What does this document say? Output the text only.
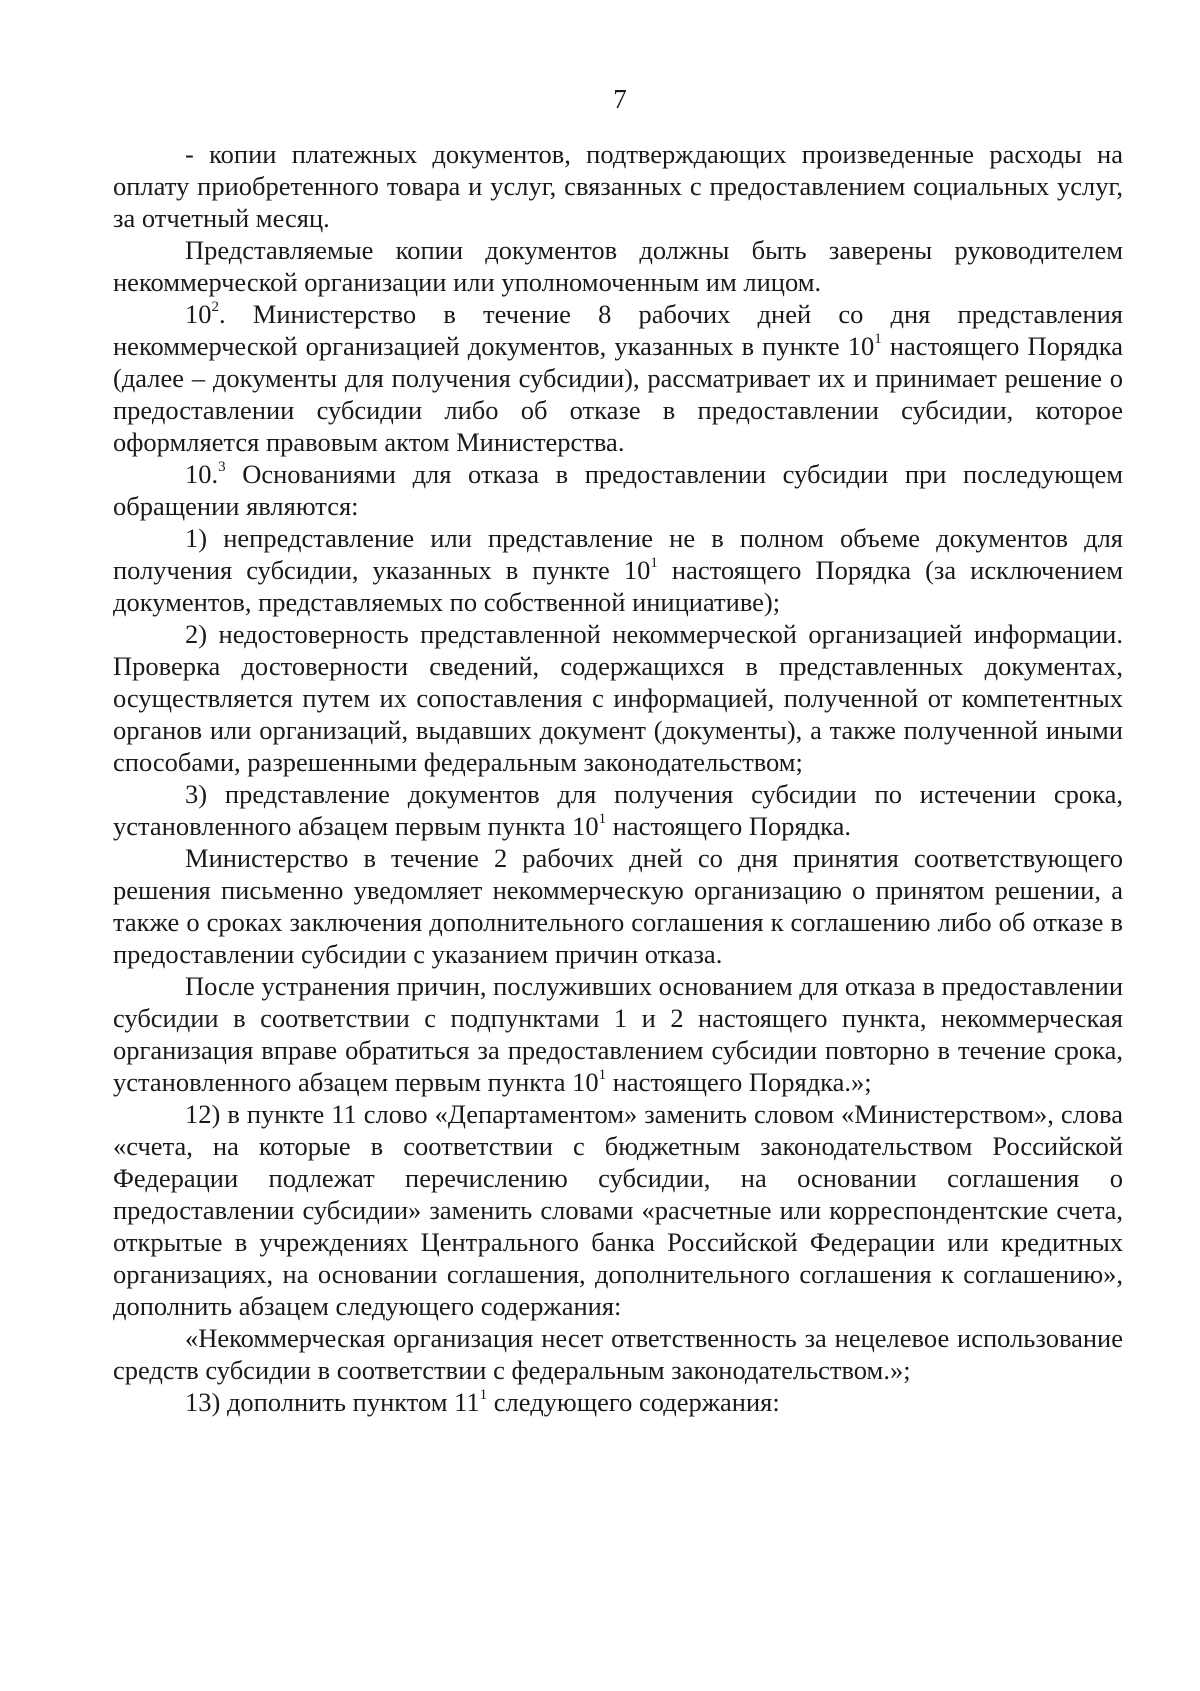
7

- копии платежных документов, подтверждающих произведенные расходы на оплату приобретенного товара и услуг, связанных с предоставлением социальных услуг, за отчетный месяц.

Представляемые копии документов должны быть заверены руководителем некоммерческой организации или уполномоченным им лицом.

$10^2$. Министерство в течение 8 рабочих дней со дня представления некоммерческой организацией документов, указанных в пункте $10^1$ настоящего Порядка (далее – документы для получения субсидии), рассматривает их и принимает решение о предоставлении субсидии либо об отказе в предоставлении субсидии, которое оформляется правовым актом Министерства.

10.$^3$ Основаниями для отказа в предоставлении субсидии при последующем обращении являются:

1) непредставление или представление не в полном объеме документов для получения субсидии, указанных в пункте $10^1$ настоящего Порядка (за исключением документов, представляемых по собственной инициативе);

2) недостоверность представленной некоммерческой организацией информации. Проверка достоверности сведений, содержащихся в представленных документах, осуществляется путем их сопоставления с информацией, полученной от компетентных органов или организаций, выдавших документ (документы), а также полученной иными способами, разрешенными федеральным законодательством;

3) представление документов для получения субсидии по истечении срока, установленного абзацем первым пункта $10^1$ настоящего Порядка.

Министерство в течение 2 рабочих дней со дня принятия соответствующего решения письменно уведомляет некоммерческую организацию о принятом решении, а также о сроках заключения дополнительного соглашения к соглашению либо об отказе в предоставлении субсидии с указанием причин отказа.

После устранения причин, послуживших основанием для отказа в предоставлении субсидии в соответствии с подпунктами 1 и 2 настоящего пункта, некоммерческая организация вправе обратиться за предоставлением субсидии повторно в течение срока, установленного абзацем первым пункта $10^1$ настоящего Порядка.»;

12) в пункте 11 слово «Департаментом» заменить словом «Министерством», слова «счета, на которые в соответствии с бюджетным законодательством Российской Федерации подлежат перечислению субсидии, на основании соглашения о предоставлении субсидии» заменить словами «расчетные или корреспондентские счета, открытые в учреждениях Центрального банка Российской Федерации или кредитных организациях, на основании соглашения, дополнительного соглашения к соглашению», дополнить абзацем следующего содержания:

«Некоммерческая организация несет ответственность за нецелевое использование средств субсидии в соответствии с федеральным законодательством.»;

13) дополнить пунктом $11^1$ следующего содержания:
